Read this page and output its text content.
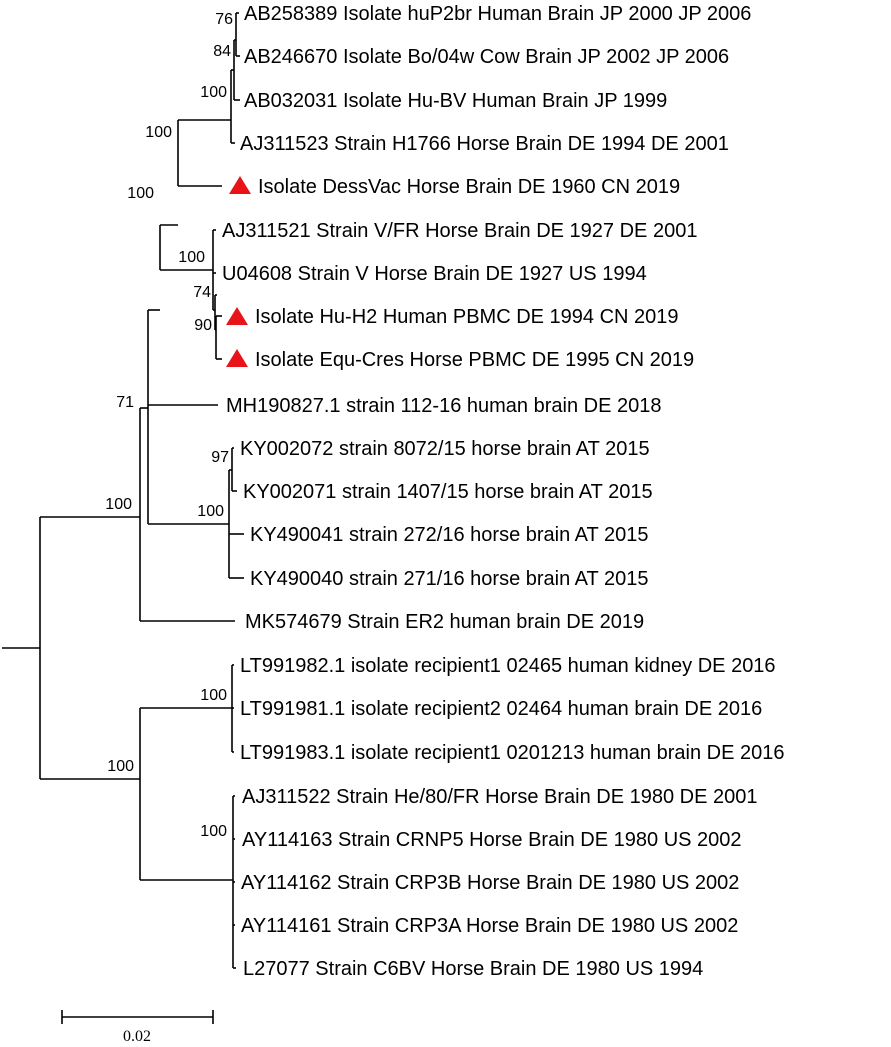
AB258389 Isolate huP2br Human Brain JP 2000 JP 2006
AB246670 Isolate Bo/04w Cow Brain JP 2002 JP 2006
AB032031 Isolate Hu-BV Human Brain JP 1999
AJ311523 Strain H1766 Horse Brain DE 1994 DE 2001
Isolate DessVac Horse Brain DE 1960 CN 2019
AJ311521 Strain V/FR Horse Brain DE 1927 DE 2001
U04608 Strain V Horse Brain DE 1927 US 1994
Isolate Hu-H2 Human PBMC DE 1994 CN 2019
Isolate Equ-Cres Horse PBMC DE 1995 CN 2019
MH190827.1 strain 112-16 human brain DE 2018
KY002072 strain 8072/15 horse brain AT 2015
KY002071 strain 1407/15 horse brain AT 2015
KY490041 strain 272/16 horse brain AT 2015
KY490040 strain 271/16 horse brain AT 2015
MK574679 Strain ER2 human brain DE 2019
LT991982.1 isolate recipient1 02465 human kidney DE 2016
LT991981.1 isolate recipient2 02464 human brain DE 2016
LT991983.1 isolate recipient1 0201213 human brain DE 2016
AJ311522 Strain He/80/FR Horse Brain DE 1980 DE 2001
AY114163 Strain CRNP5 Horse Brain DE 1980 US 2002
AY114162 Strain CRP3B Horse Brain DE 1980 US 2002
AY114161 Strain CRP3A Horse Brain DE 1980 US 2002
L27077 Strain C6BV Horse Brain DE 1980 US 1994
76
84
100
100
100
100
74
90
71
97
100	100
100
100
100
0.02
